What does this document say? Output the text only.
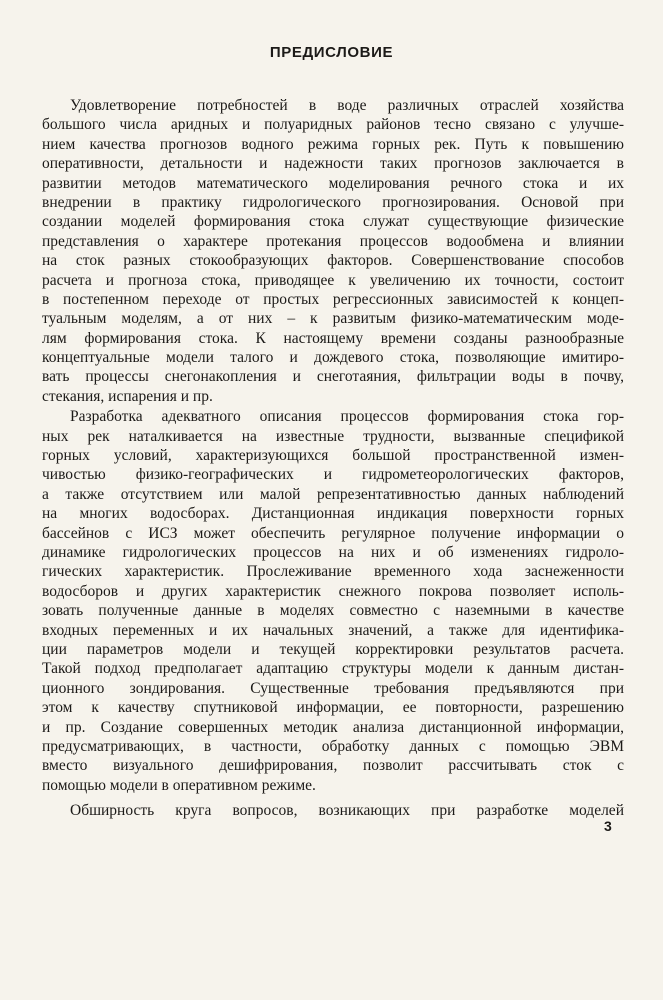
ПРЕДИСЛОВИЕ
Удовлетворение потребностей в воде различных отраслей хозяйства
большого числа аридных и полуаридных районов тесно связано с улучше-
нием качества прогнозов водного режима горных рек. Путь к повышению
оперативности, детальности и надежности таких прогнозов заключается в
развитии методов математического моделирования речного стока и их
внедрении в практику гидрологического прогнозирования. Основой при
создании моделей формирования стока служат существующие физические
представления о характере протекания процессов водообмена и влиянии
на сток разных стокообразующих факторов. Совершенствование способов
расчета и прогноза стока, приводящее к увеличению их точности, состоит
в постепенном переходе от простых регрессионных зависимостей к концеп-
туальным моделям, а от них – к развитым физико-математическим моде-
лям формирования стока. К настоящему времени созданы разнообразные
концептуальные модели талого и дождевого стока, позволяющие имитиро-
вать процессы снегонакопления и снеготаяния, фильтрации воды в почву,
стекания, испарения и пр.
Разработка адекватного описания процессов формирования стока гор-
ных рек наталкивается на известные трудности, вызванные спецификой
горных условий, характеризующихся большой пространственной измен-
чивостью физико-географических и гидрометеорологических факторов,
а также отсутствием или малой репрезентативностью данных наблюдений
на многих водосборах. Дистанционная индикация поверхности горных
бассейнов с ИСЗ может обеспечить регулярное получение информации о
динамике гидрологических процессов на них и об изменениях гидроло-
гических характеристик. Прослеживание временного хода заснеженности
водосборов и других характеристик снежного покрова позволяет исполь-
зовать полученные данные в моделях совместно с наземными в качестве
входных переменных и их начальных значений, а также для идентифика-
ции параметров модели и текущей корректировки результатов расчета.
Такой подход предполагает адаптацию структуры модели к данным дистан-
ционного зондирования. Существенные требования предъявляются при
этом к качеству спутниковой информации, ее повторности, разрешению
и пр. Создание совершенных методик анализа дистанционной информации,
предусматривающих, в частности, обработку данных с помощью ЭВМ
вместо визуального дешифрирования, позволит рассчитывать сток с
помощью модели в оперативном режиме.
Обширность круга вопросов, возникающих при разработке моделей
3
